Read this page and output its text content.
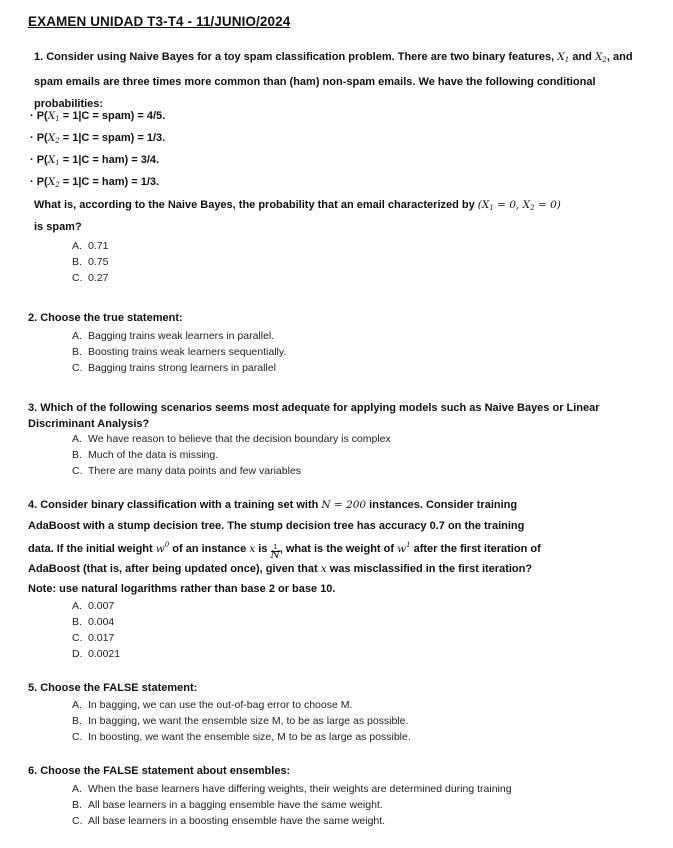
EXAMEN UNIDAD T3-T4 - 11/JUNIO/2024
1. Consider using Naive Bayes for a toy spam classification problem. There are two binary features, $X_1$ and $X_2$, and spam emails are three times more common than (ham) non-spam emails. We have the following conditional probabilities:
· $P(X_1 = 1|C$ = spam) = 4/5.
· $P(X_2 = 1|C$ = spam) = 1/3.
· $P(X_1 = 1|C = ham) = 3/4$.
· $P(X_2 = 1|C = ham) = 1/3$.
What is, according to the Naive Bayes, the probability that an email characterized by ($X_1 = 0$, $X_2 = 0$)
is spam?
A. 0.71
B. 0.75
C. 0.27
2. Choose the true statement:
A. Bagging trains weak learners in parallel.
B. Boosting trains weak learners sequentially.
C. Bagging trains strong learners in parallel
3. Which of the following scenarios seems most adequate for applying models such as Naive Bayes or Linear Discriminant Analysis?
A. We have reason to believe that the decision boundary is complex
B. Much of the data is missing.
C. There are many data points and few variables
4. Consider binary classification with a training set with N = 200 instances. Consider training
AdaBoost with a stump decision tree. The stump decision tree has accuracy 0.7 on the training
data. If the initial weight $w^0$ of an instance x is $\frac{1}{N}$ , what is the weight of $w^1$ after the first iteration of
AdaBoost (that is, after being updated once), given that x was misclassified in the first iteration?
Note: use natural logarithms rather than base 2 or base 10.
A. 0.007
B. 0.004
C. 0.017
D. 0.0021
5. Choose the FALSE statement:
A. In bagging, we can use the out-of-bag error to choose M.
B. In bagging, we want the ensemble size M, to be as large as possible.
C. In boosting, we want the ensemble size, M to be as large as possible.
6. Choose the FALSE statement about ensembles:
A. When the base learners have differing weights, their weights are determined during training
B. All base learners in a bagging ensemble have the same weight.
C. All base learners in a boosting ensemble have the same weight.
